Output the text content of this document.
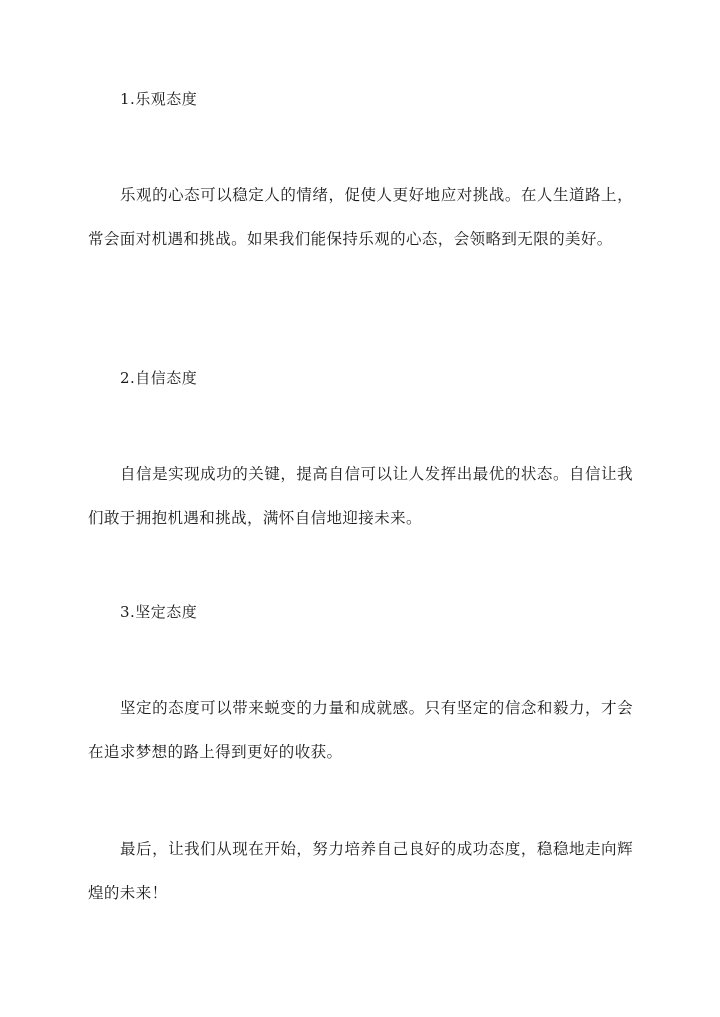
1.乐观态度

乐观的心态可以稳定人的情绪，促使人更好地应对挑战。在人生道路上，常会面对机遇和挑战。如果我们能保持乐观的心态，会领略到无限的美好。

2.自信态度

自信是实现成功的关键，提高自信可以让人发挥出最优的状态。自信让我们敢于拥抱机遇和挑战，满怀自信地迎接未来。

3.坚定态度

坚定的态度可以带来蜕变的力量和成就感。只有坚定的信念和毅力，才会在追求梦想的路上得到更好的收获。

最后，让我们从现在开始，努力培养自己良好的成功态度，稳稳地走向辉煌的未来！
